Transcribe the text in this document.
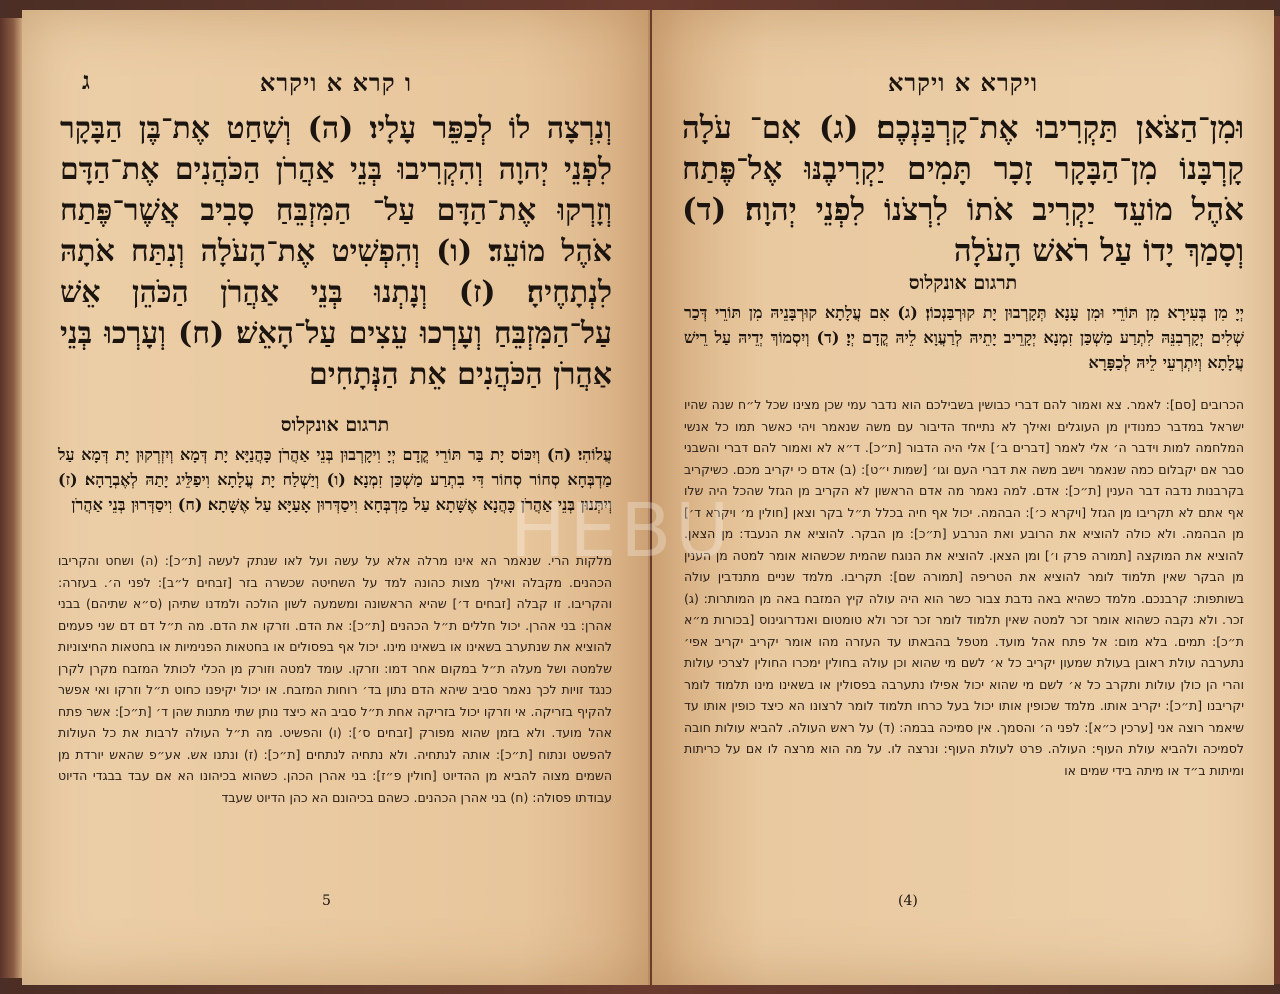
ו קרא א ויקרא
ג
וְנִרְצָה לוֹ לְכַפֵּר עָלָיו׃ (ה) וְשָׁחַט אֶת־בֶּן הַבָּקָר לִפְנֵי יְהוָה וְהִקְרִיבוּ בְּנֵי אַהֲרֹן הַכֹּהֲנִים אֶת־הַדָּם וְזָרְקוּ אֶת־הַדָּם עַל־ הַמִּזְבֵּחַ סָבִיב אֲשֶׁר־פֶּתַח אֹהֶל מוֹעֵד׃ (ו) וְהִפְשִׁיט אֶת־הָעֹלָה וְנִתַּח אֹתָהּ לִנְתָחֶיהָ׃ (ז) וְנָתְנוּ בְּנֵי אַהֲרֹן הַכֹּהֵן אֵשׁ עַל־הַמִּזְבֵּחַ וְעָרְכוּ עֵצִים עַל־הָאֵשׁ׃ (ח) וְעָרְכוּ בְּנֵי אַהֲרֹן הַכֹּהֲנִים אֵת הַנְּתָחִים
תרגום אונקלוס
עֲלוֹהִי׃ (ה) וְיִכּוֹס יָת בַּר תּוֹרֵי קֳדָם יְיָ וִיקָרְבוּן בְּנֵי אַהֲרֹן כָּהֲנַיָּא יָת דְּמָא וְיִזְרְקוּן יָת דְּמָא עַל מַדְבְּחָא סְחוֹר סְחוֹר דִּי בִתְרַע מַשְׁכַּן זִמְנָא׃ (ו) וְיַשְׁלַח יָת עֲלָתָא וִיפַלֵּיג יָתַהּ לְאֶבְרָהָא׃ (ז) וְיִתְּנוּן בְּנֵי אַהֲרֹן כָּהֲנָא אֶשָּׁתָא עַל מַדְבְּחָא וִיסַדְּרוּן אָעַיָּא עַל אֶשָּׁתָא׃ (ח) וִיסַדְּרוּן בְּנֵי אַהֲרֹן
מלקות הרי. שנאמר הא אינו מרלה אלא על עשה ועל לאו שנתק לעשה [ת״כ]: (ה) ושחט והקריבו הכהנים. מקבלה ואילך מצות כהונה למד על השחיטה שכשרה בזר [זבחים ל״ב]: לפני ה׳. בעזרה: והקריבו. זו קבלה [זבחים ד׳] שהיא הראשונה ומשמעה לשון הולכה ולמדנו שתיהן (ס״א שתיהם) בבני אהרן: בני אהרן. יכול חללים ת״ל הכהנים [ת״כ]: את הדם. וזרקו את הדם. מה ת״ל דם דם שני פעמים להוציא את שנתערב בשאינו או בשאינו מינו. יכול אף בפסולים או בחטאות הפנימיות או בחטאות החיצוניות שלמטה ושל מעלה ת״ל במקום אחר דמו: וזרקו. עומד למטה וזורק מן הכלי לכותל המזבח מקרן לקרן כנגד זויות לכך נאמר סביב שיהא הדם נתון בד׳ רוחות המזבח. או יכול יקיפנו כחוט ת״ל וזרקו ואי אפשר להקיף בזריקה. אי וזרקו יכול בזריקה אחת ת״ל סביב הא כיצד נותן שתי מתנות שהן ד׳ [ת״כ]: אשר פתח אהל מועד. ולא בזמן שהוא מפורק [זבחים ס׳]: (ו) והפשיט. מה ת״ל העולה לרבות את כל העולות להפשט ונתוח [ת״כ]: אותה לנתחיה. ולא נתחיה לנתחים [ת״כ]: (ז) ונתנו אש. אע״פ שהאש יורדת מן השמים מצוה להביא מן ההדיוט [חולין פ״ז]: בני אהרן הכהן. כשהוא בכיהונו הא אם עבד בבגדי הדיוט עבודתו פסולה: (ח) בני אהרן הכהנים. כשהם בכיהונם הא כהן הדיוט שעבד
5
ויקרא א ויקרא
וּמִן־הַצֹּאן תַּקְרִיבוּ אֶת־קָרְבַּנְכֶם׃ (ג) אִם־ עֹלָה קָרְבָּנוֹ מִן־הַבָּקָר זָכָר תָּמִים יַקְרִיבֶנּוּ אֶל־פֶּתַח אֹהֶל מוֹעֵד יַקְרִיב אֹתוֹ לִרְצֹנוֹ לִפְנֵי יְהוָה׃ (ד) וְסָמַךְ יָדוֹ עַל רֹאשׁ הָעֹלָה
תרגום אונקלוס
יְיָ מִן בְּעִירָא מִן תּוֹרֵי וּמִן עָנָא תְּקָרְבוּן יָת קוּרְבַּנְכוֹן׃ (ג) אִם עֲלָתָא קוּרְבָּנֵיהּ מִן תּוֹרֵי דְּכַר שְׁלִים יְקָרְבִנֵּהּ לִתְרַע מַשְׁכַּן זִמְנָא יְקָרֵיב יָתֵיהּ לְרַעֲוָא לֵיהּ קֳדָם יְיָ׃ (ד) וְיִסְמוֹךְ יְדֵיהּ עַל רֵישׁ עֲלָתָא וְיִתְרְעֵי לֵיהּ לְכַפָּרָא
הכרובים [סם]: לאמר. צא ואמור להם דברי כבושין בשבילכם הוא נדבר עמי שכן מצינו שכל ל״ח שנה שהיו ישראל במדבר כמנודין מן העוגלים ואילך לא נתייחד הדיבור עם משה שנאמר ויהי כאשר תמו כל אנשי המלחמה למות וידבר ה׳ אלי לאמר [דברים ב׳] אלי היה הדבור [ת״כ]. ד״א לא ואמור להם דברי והשבני סבר אם יקבלום כמה שנאמר וישב משה את דברי העם וגו׳ [שמות י״ט]: (ב) אדם כי יקריב מכם. כשיקריב בקרבנות נדבה דבר הענין [ת״כ]: אדם. למה נאמר מה אדם הראשון לא הקריב מן הגזל שהכל היה שלו אף אתם לא תקריבו מן הגזל [ויקרא כ׳]: הבהמה. יכול אף חיה בכלל ת״ל בקר וצאן [חולין מ׳ ויקרא ד׳] מן הבהמה. ולא כולה להוציא את הרובע ואת הנרבע [ת״כ]: מן הבקר. להוציא את הנעבד: מן הצאן. להוציא את המוקצה [תמורה פרק ו׳] ומן הצאן. להוציא את הנוגח שהמית שכשהוא אומר למטה מן הענין מן הבקר שאין תלמוד לומר להוציא את הטריפה [תמורה שם]: תקריבו. מלמד שניים מתנדבין עולה בשותפות: קרבנכם. מלמד כשהיא באה נדבת צבור כשר הוא היה עולה קיץ המזבח באה מן המותרות: (ג) זכר. ולא נקבה כשהוא אומר זכר למטה שאין תלמוד לומר זכר זכר ולא טומטום ואנדרוגינוס [בכורות מ״א ת״כ]: תמים. בלא מום: אל פתח אהל מועד. מטפל בהבאתו עד העזרה מהו אומר יקריב יקריב אפי׳ נתערבה עולת ראובן בעולת שמעון יקריב כל א׳ לשם מי שהוא וכן עולה בחולין ימכרו החולין לצרכי עולות והרי הן כולן עולות ותקרב כל א׳ לשם מי שהוא יכול אפילו נתערבה בפסולין או בשאינו מינו תלמוד לומר יקריבנו [ת״כ]: יקריב אותו. מלמד שכופין אותו יכול בעל כרחו תלמוד לומר לרצונו הא כיצד כופין אותו עד שיאמר רוצה אני [ערכין כ״א]: לפני ה׳ והסמך. אין סמיכה בבמה: (ד) על ראש העולה. להביא עולות חובה לסמיכה ולהביא עולת העוף: העולה. פרט לעולת העוף: ונרצה לו. על מה הוא מרצה לו אם על כריתות ומיתות ב״ד או מיתה בידי שמים או
(4)
HEBU
